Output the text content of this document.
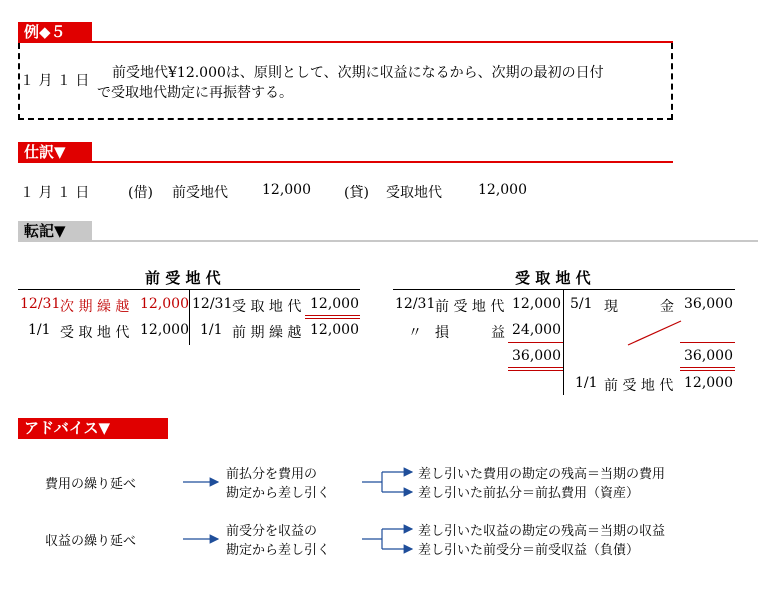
例◆５
１ 月 １ 日 前受地代¥12.000は、原則として、次期に収益になるから、次期の最初の日付
で受取地代勘定に再振替する。
仕訳▼
１ 月 １ 日	(借) 前受地代 12,000 (貸) 受取地代	12,000
転記▼
前 受 地 代
12/31 次 期 繰 越 12,000
1/1 受 取 地 代 12,000
12/31 受 取 地 代 12,000
1/1 前 期 繰 越 12,000
受 取 地 代
12/31 前 受 地 代 12,000
〃 損　　　益 24,000
36,000
5/1 現　　　金 36,000
36,000
1/1 前 受 地 代 12,000
アドバイス▼
費用の繰り延べ
前払分を費用の
勘定から差し引く
差し引いた費用の勘定の残高＝当期の費用
差し引いた前払分＝前払費用（資産）
収益の繰り延べ
前受分を収益の
勘定から差し引く
差し引いた収益の勘定の残高＝当期の収益
差し引いた前受分＝前受収益（負債）
